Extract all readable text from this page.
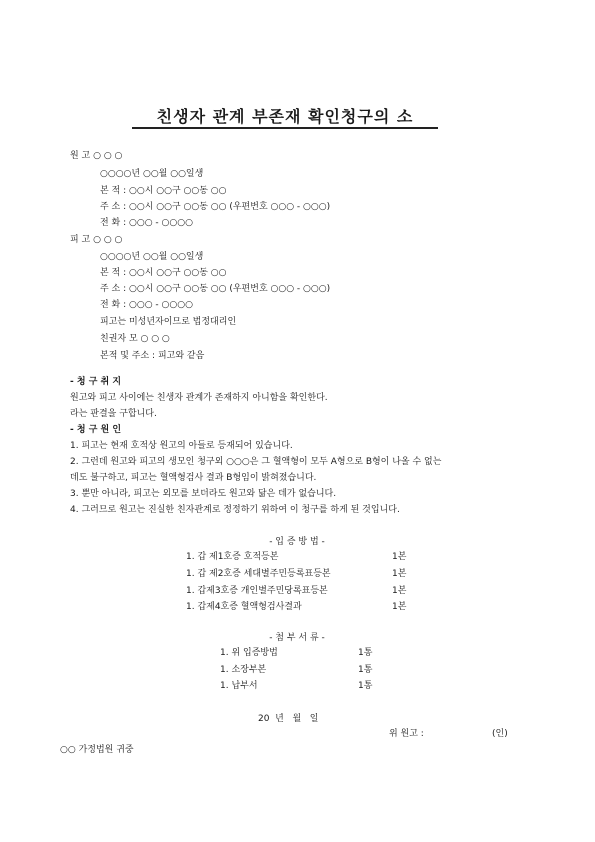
친생자 관계 부존재 확인청구의 소
원 고 ○ ○ ○
○○○○년 ○○월 ○○일생
본 적 : ○○시 ○○구 ○○동 ○○
주 소 : ○○시 ○○구 ○○동 ○○ (우편번호 ○○○ - ○○○)
전 화 : ○○○ - ○○○○
피 고 ○ ○ ○
○○○○년 ○○월 ○○일생
본 적 : ○○시 ○○구 ○○동 ○○
주 소 : ○○시 ○○구 ○○동 ○○ (우편번호 ○○○ - ○○○)
전 화 : ○○○ - ○○○○
피고는 미성년자이므로 법정대리인
친권자 모 ○ ○ ○
본적 및 주소 : 피고와 같음
- 청 구 취 지
원고와 피고 사이에는 친생자 관계가 존재하지 아니함을 확인한다.
라는 판결을 구합니다.
- 청 구 원 인
1. 피고는 현재 호적상 원고의 아들로 등재되어 있습니다.
2. 그런데 원고와 피고의 생모인 청구외 ○○○은 그 혈액형이 모두 A형으로 B형이 나올 수 없는
데도 불구하고, 피고는 혈액형검사 결과 B형임이 밝혀졌습니다.
3. 뿐만 아니라, 피고는 외모를 보더라도 원고와 닮은 데가 없습니다.
4. 그러므로 원고는 진실한 친자관계로 정정하기 위하여 이 청구를 하게 된 것입니다.
- 입 증 방 법 -
1. 갑 제1호증 호적등본	1본
1. 갑 제2호증 세대별주민등록표등본	1본
1. 갑제3호증 개인별주민당록표등본	1본
1. 갑제4호증 혈액형검사결과	1본
- 첨 부 서 류 -
1. 위 입증방법	1통
1. 소장부본	1통
1. 납부서	1통
20  년   월   일
위 원고 :	(인)
○○ 가정법원 귀중
